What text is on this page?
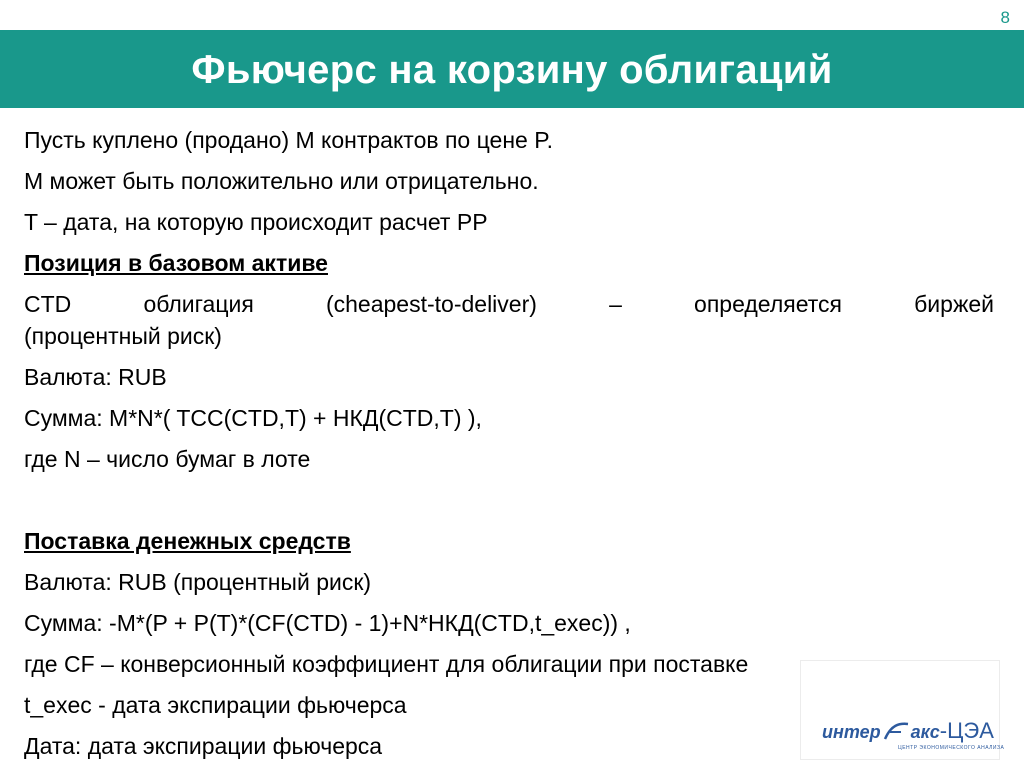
8
Фьючерс на корзину облигаций

Пусть куплено (продано) M контрактов по цене P.

M может быть положительно или отрицательно.

T – дата, на которую происходит расчет PP

Позиция в базовом активе

CTD	облигация	(cheapest-to-deliver)	–	определяется	биржей

(процентный риск)

Валюта: RUB

Сумма: M*N*( TCC(CTD,T) + НКД(CTD,T) ),

где N – число бумаг в лоте

Поставка денежных средств

Валюта: RUB (процентный риск)

Сумма: -M*(P + P(T)*(CF(CTD) - 1)+N*НКД(CTD,t_exec)) ,

где CF – конверсионный коэффициент для облигации при поставке

t_exec - дата экспирации фьючерса

Дата: дата экспирации фьючерса

интер акс - ЦЭА
ЦЕНТР ЭКОНОМИЧЕСКОГО АНАЛИЗА
